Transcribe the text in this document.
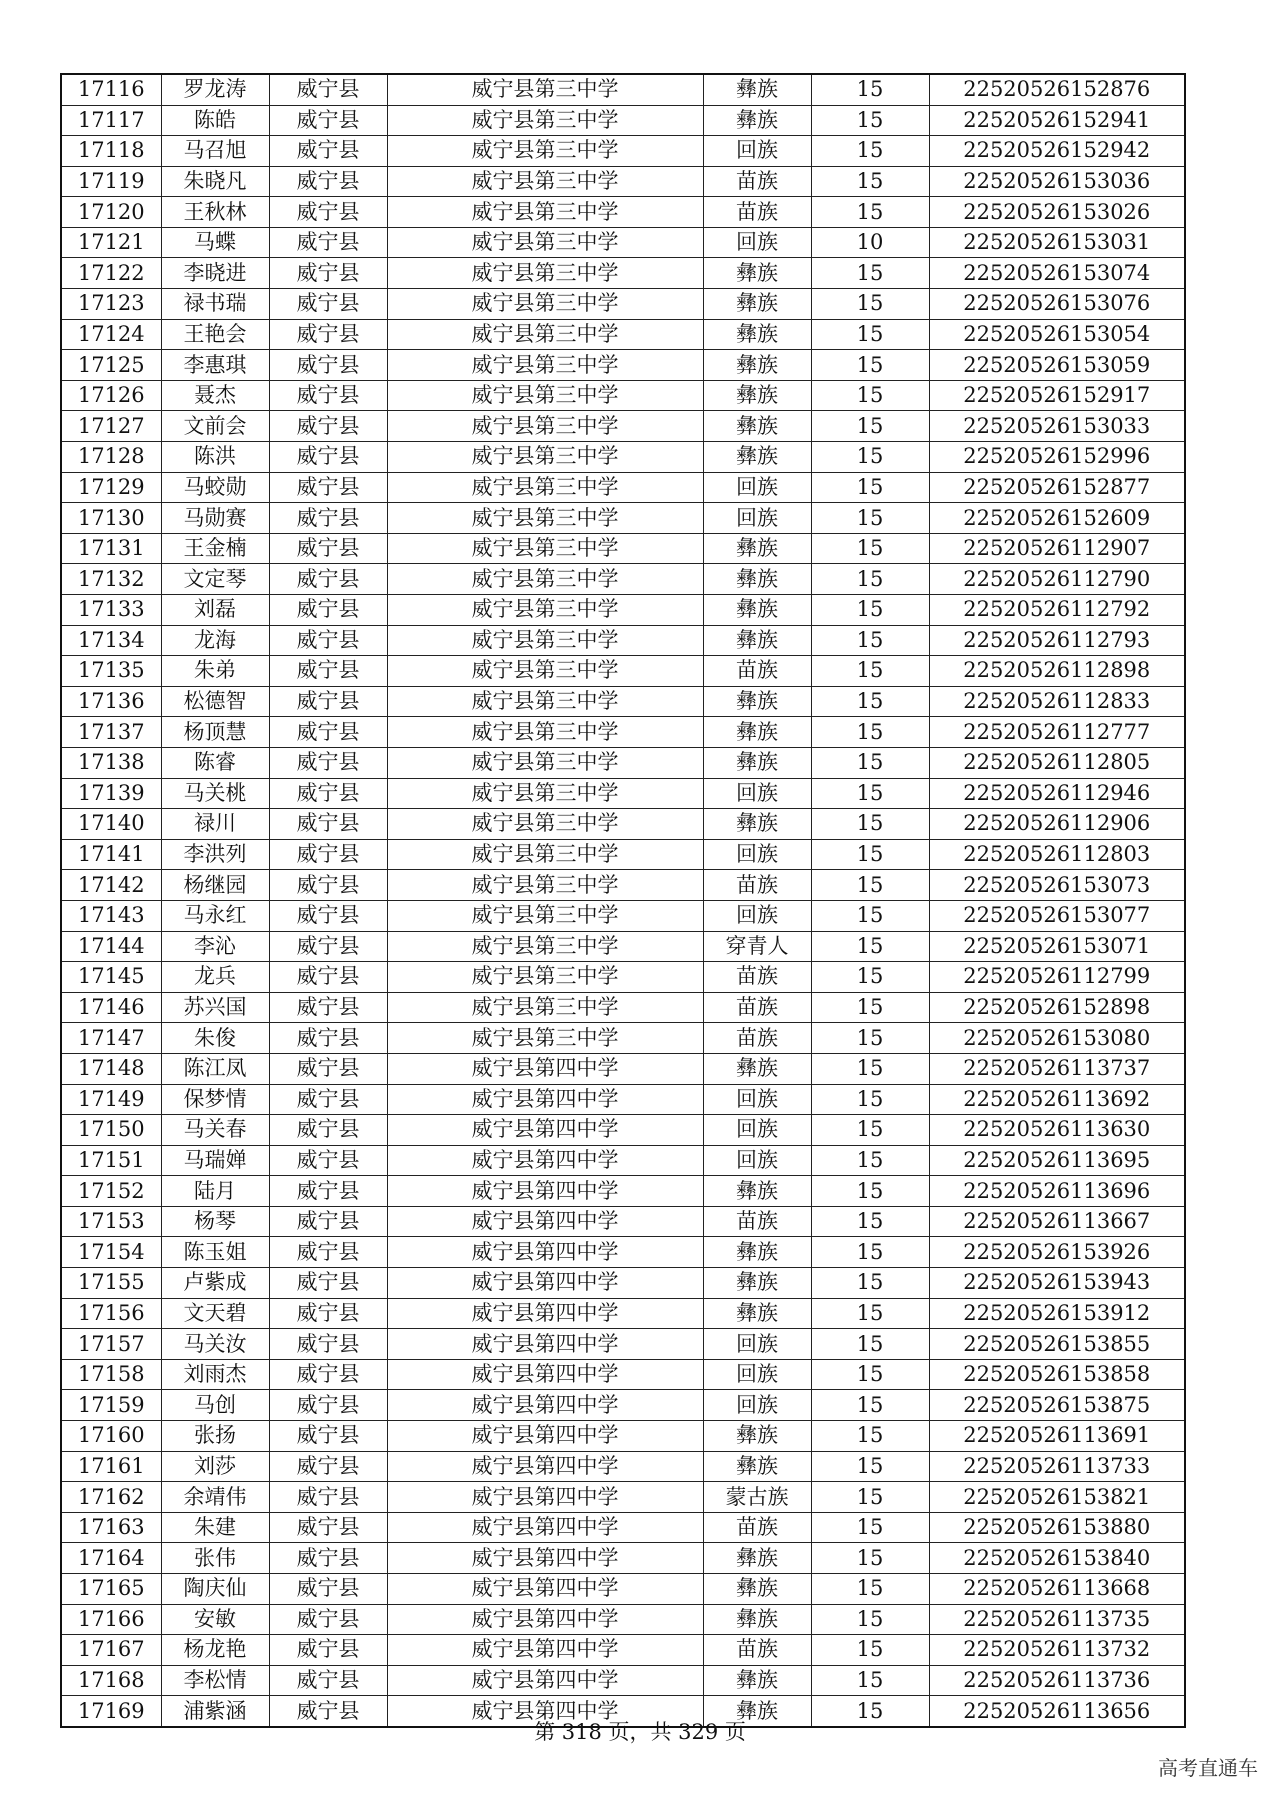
17116	罗龙涛	威宁县	威宁县第三中学	彝族	15	22520526152876
17117	陈皓	威宁县	威宁县第三中学	彝族	15	22520526152941
17118	马召旭	威宁县	威宁县第三中学	回族	15	22520526152942
17119	朱晓凡	威宁县	威宁县第三中学	苗族	15	22520526153036
17120	王秋林	威宁县	威宁县第三中学	苗族	15	22520526153026
17121	马蝶	威宁县	威宁县第三中学	回族	10	22520526153031
17122	李晓进	威宁县	威宁县第三中学	彝族	15	22520526153074
17123	禄书瑞	威宁县	威宁县第三中学	彝族	15	22520526153076
17124	王艳会	威宁县	威宁县第三中学	彝族	15	22520526153054
17125	李惠琪	威宁县	威宁县第三中学	彝族	15	22520526153059
17126	聂杰	威宁县	威宁县第三中学	彝族	15	22520526152917
17127	文前会	威宁县	威宁县第三中学	彝族	15	22520526153033
17128	陈洪	威宁县	威宁县第三中学	彝族	15	22520526152996
17129	马蛟勋	威宁县	威宁县第三中学	回族	15	22520526152877
17130	马勋赛	威宁县	威宁县第三中学	回族	15	22520526152609
17131	王金楠	威宁县	威宁县第三中学	彝族	15	22520526112907
17132	文定琴	威宁县	威宁县第三中学	彝族	15	22520526112790
17133	刘磊	威宁县	威宁县第三中学	彝族	15	22520526112792
17134	龙海	威宁县	威宁县第三中学	彝族	15	22520526112793
17135	朱弟	威宁县	威宁县第三中学	苗族	15	22520526112898
17136	松德智	威宁县	威宁县第三中学	彝族	15	22520526112833
17137	杨顶慧	威宁县	威宁县第三中学	彝族	15	22520526112777
17138	陈睿	威宁县	威宁县第三中学	彝族	15	22520526112805
17139	马关桃	威宁县	威宁县第三中学	回族	15	22520526112946
17140	禄川	威宁县	威宁县第三中学	彝族	15	22520526112906
17141	李洪列	威宁县	威宁县第三中学	回族	15	22520526112803
17142	杨继园	威宁县	威宁县第三中学	苗族	15	22520526153073
17143	马永红	威宁县	威宁县第三中学	回族	15	22520526153077
17144	李沁	威宁县	威宁县第三中学	穿青人	15	22520526153071
17145	龙兵	威宁县	威宁县第三中学	苗族	15	22520526112799
17146	苏兴国	威宁县	威宁县第三中学	苗族	15	22520526152898
17147	朱俊	威宁县	威宁县第三中学	苗族	15	22520526153080
17148	陈江凤	威宁县	威宁县第四中学	彝族	15	22520526113737
17149	保梦情	威宁县	威宁县第四中学	回族	15	22520526113692
17150	马关春	威宁县	威宁县第四中学	回族	15	22520526113630
17151	马瑞婵	威宁县	威宁县第四中学	回族	15	22520526113695
17152	陆月	威宁县	威宁县第四中学	彝族	15	22520526113696
17153	杨琴	威宁县	威宁县第四中学	苗族	15	22520526113667
17154	陈玉姐	威宁县	威宁县第四中学	彝族	15	22520526153926
17155	卢紫成	威宁县	威宁县第四中学	彝族	15	22520526153943
17156	文天碧	威宁县	威宁县第四中学	彝族	15	22520526153912
17157	马关汝	威宁县	威宁县第四中学	回族	15	22520526153855
17158	刘雨杰	威宁县	威宁县第四中学	回族	15	22520526153858
17159	马创	威宁县	威宁县第四中学	回族	15	22520526153875
17160	张扬	威宁县	威宁县第四中学	彝族	15	22520526113691
17161	刘莎	威宁县	威宁县第四中学	彝族	15	22520526113733
17162	余靖伟	威宁县	威宁县第四中学	蒙古族	15	22520526153821
17163	朱建	威宁县	威宁县第四中学	苗族	15	22520526153880
17164	张伟	威宁县	威宁县第四中学	彝族	15	22520526153840
17165	陶庆仙	威宁县	威宁县第四中学	彝族	15	22520526113668
17166	安敏	威宁县	威宁县第四中学	彝族	15	22520526113735
17167	杨龙艳	威宁县	威宁县第四中学	苗族	15	22520526113732
17168	李松情	威宁县	威宁县第四中学	彝族	15	22520526113736
17169	浦紫涵	威宁县	威宁县第四中学	彝族	15	22520526113656
第 318 页，共 329 页
高考直通车
